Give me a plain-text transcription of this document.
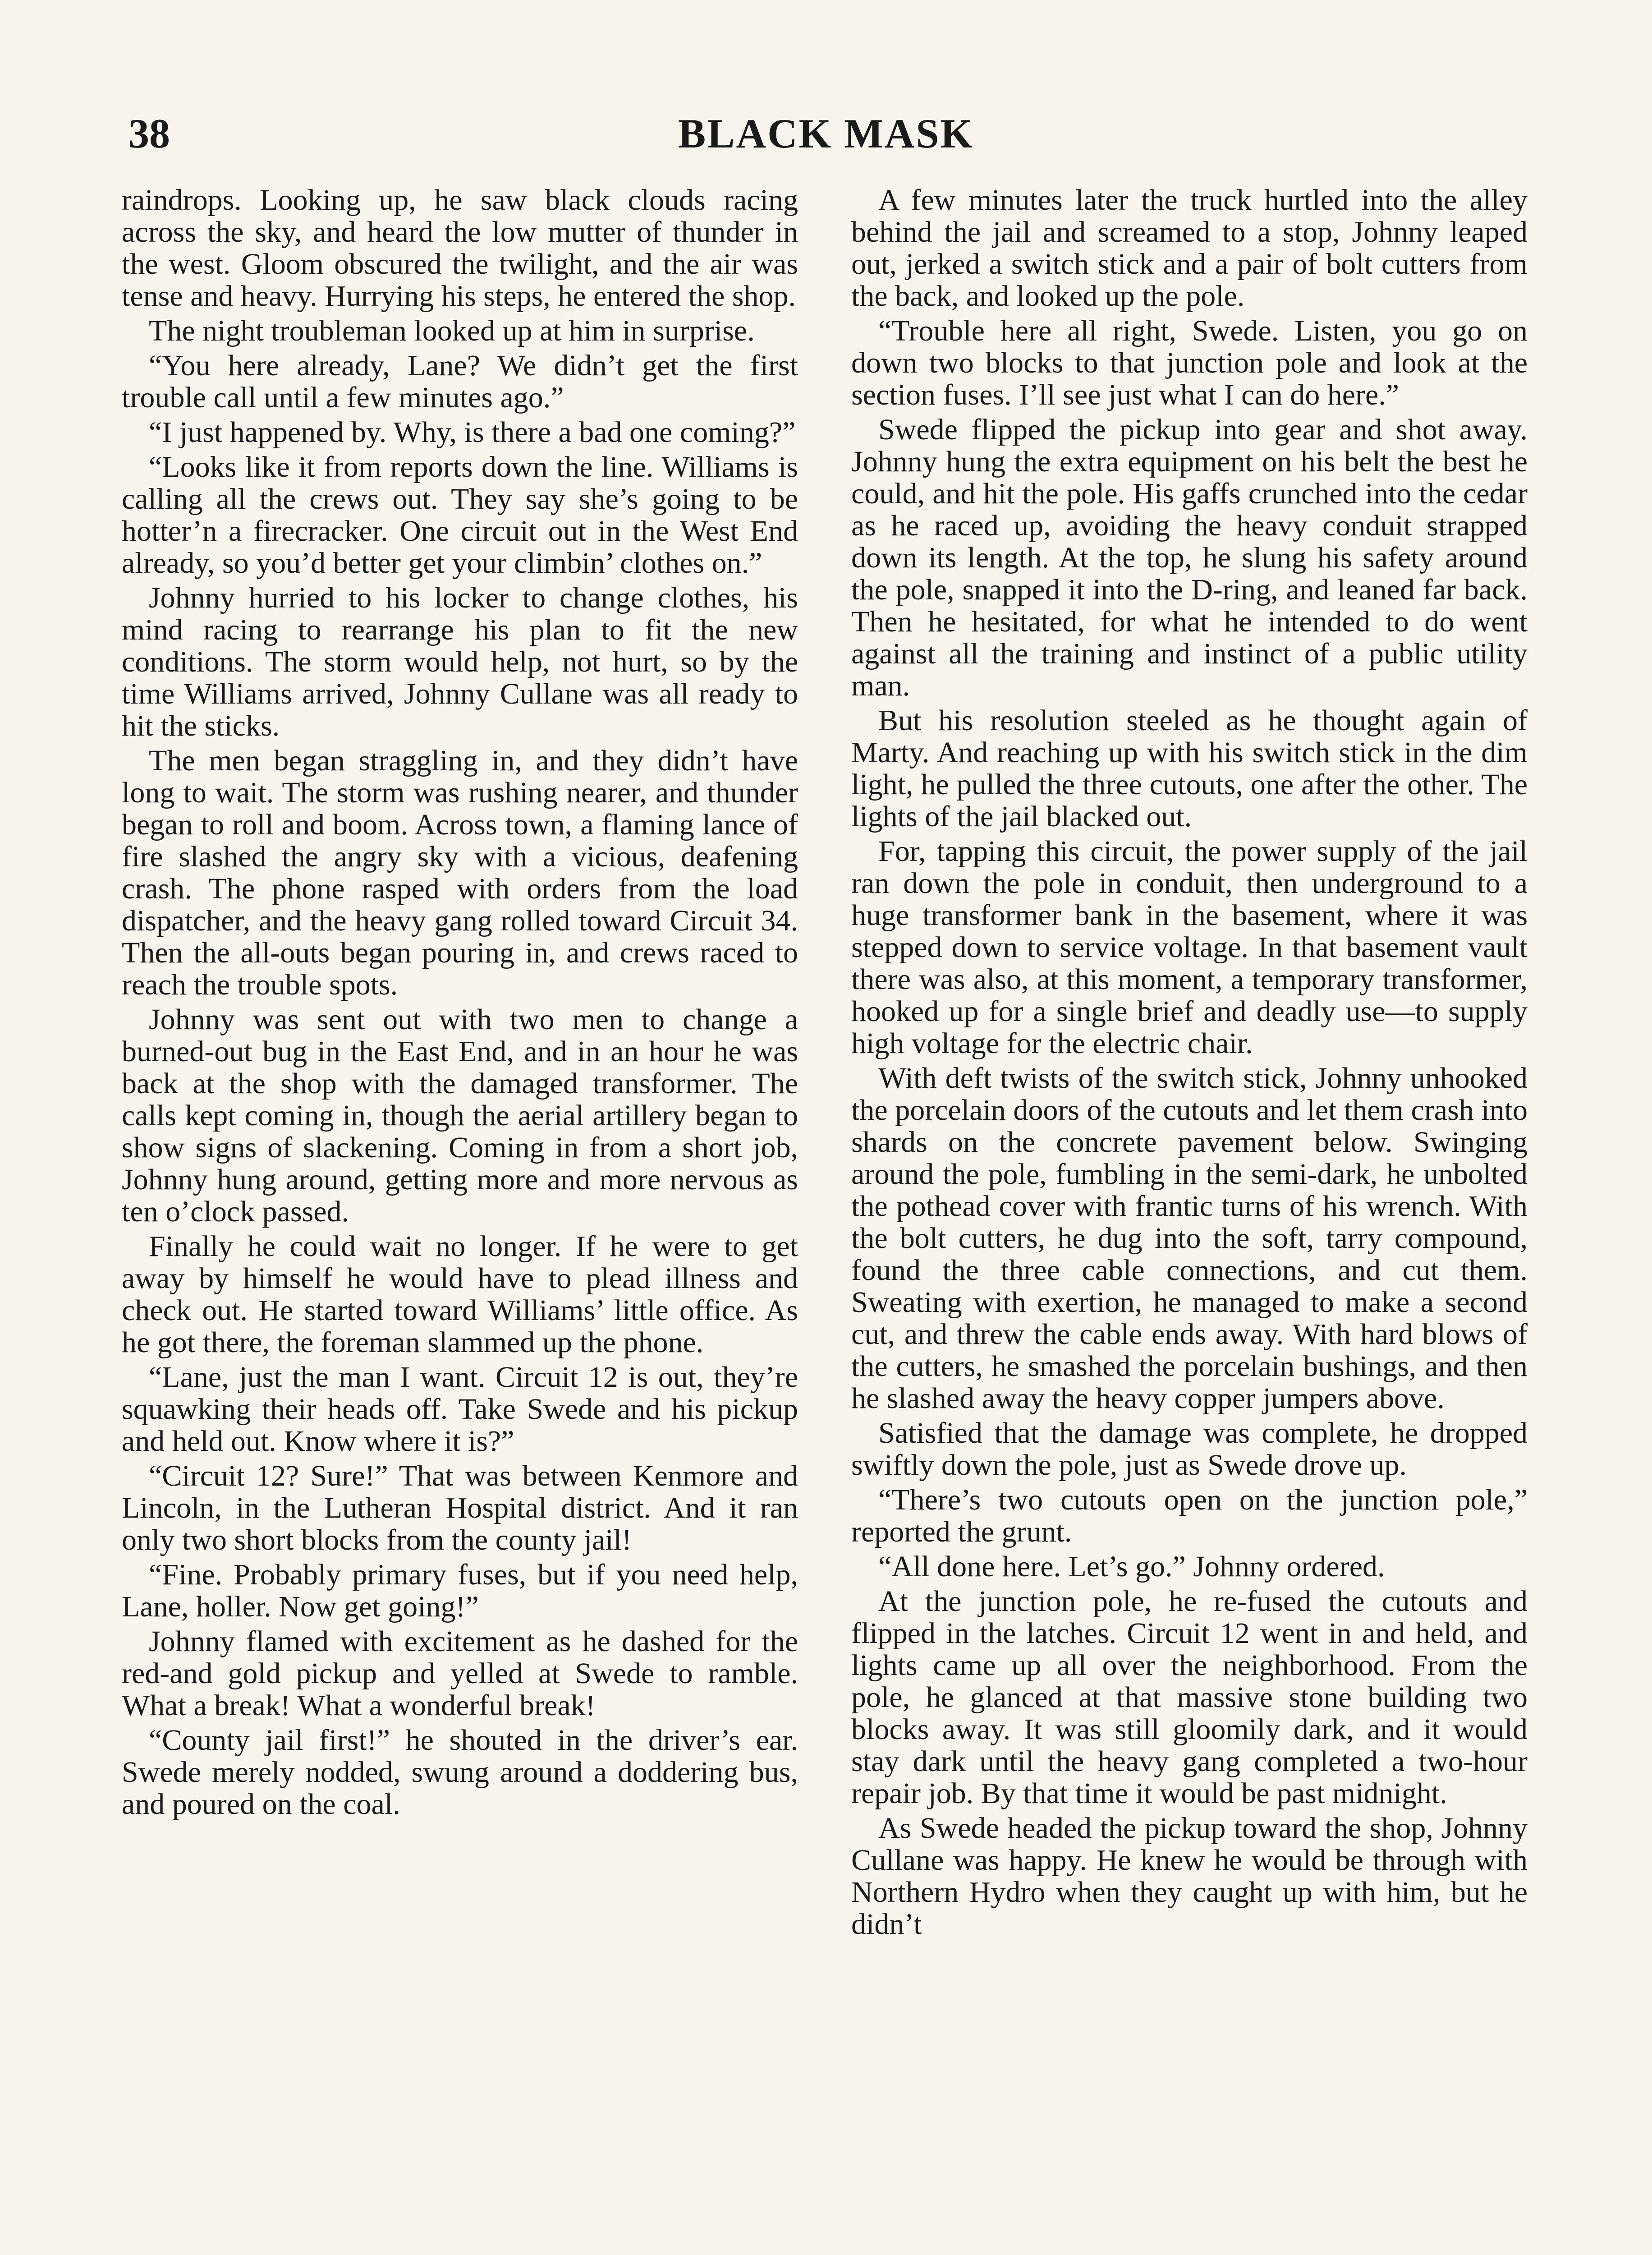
38	BLACK MASK

raindrops. Looking up, he saw black clouds racing across the sky, and heard the low mutter of thunder in the west. Gloom obscured the twilight, and the air was tense and heavy. Hurrying his steps, he entered the shop.

The night troubleman looked up at him in surprise.

“You here already, Lane? We didn’t get the first trouble call until a few minutes ago.”

“I just happened by. Why, is there a bad one coming?”

“Looks like it from reports down the line. Williams is calling all the crews out. They say she’s going to be hotter’n a firecracker. One circuit out in the West End already, so you’d better get your climbin’ clothes on.”

Johnny hurried to his locker to change clothes, his mind racing to rearrange his plan to fit the new conditions. The storm would help, not hurt, so by the time Williams arrived, Johnny Cullane was all ready to hit the sticks.

The men began straggling in, and they didn’t have long to wait. The storm was rushing nearer, and thunder began to roll and boom. Across town, a flaming lance of fire slashed the angry sky with a vicious, deafening crash. The phone rasped with orders from the load dispatcher, and the heavy gang rolled toward Circuit 34. Then the all-outs began pouring in, and crews raced to reach the trouble spots.

Johnny was sent out with two men to change a burned-out bug in the East End, and in an hour he was back at the shop with the damaged transformer. The calls kept coming in, though the aerial artillery began to show signs of slackening. Coming in from a short job, Johnny hung around, getting more and more nervous as ten o’clock passed.

Finally he could wait no longer. If he were to get away by himself he would have to plead illness and check out. He started toward Williams’ little office. As he got there, the foreman slammed up the phone.

“Lane, just the man I want. Circuit 12 is out, they’re squawking their heads off. Take Swede and his pickup and held out. Know where it is?”

“Circuit 12? Sure!” That was between Kenmore and Lincoln, in the Lutheran Hospital district. And it ran only two short blocks from the county jail!

“Fine. Probably primary fuses, but if you need help, Lane, holler. Now get going!”

Johnny flamed with excitement as he dashed for the red-and gold pickup and yelled at Swede to ramble. What a break! What a wonderful break!

“County jail first!” he shouted in the driver’s ear. Swede merely nodded, swung around a doddering bus, and poured on the coal.

A few minutes later the truck hurtled into the alley behind the jail and screamed to a stop, Johnny leaped out, jerked a switch stick and a pair of bolt cutters from the back, and looked up the pole.

“Trouble here all right, Swede. Listen, you go on down two blocks to that junction pole and look at the section fuses. I’ll see just what I can do here.”

Swede flipped the pickup into gear and shot away. Johnny hung the extra equipment on his belt the best he could, and hit the pole. His gaffs crunched into the cedar as he raced up, avoiding the heavy conduit strapped down its length. At the top, he slung his safety around the pole, snapped it into the D-ring, and leaned far back. Then he hesitated, for what he intended to do went against all the training and instinct of a public utility man.

But his resolution steeled as he thought again of Marty. And reaching up with his switch stick in the dim light, he pulled the three cutouts, one after the other. The lights of the jail blacked out.

For, tapping this circuit, the power supply of the jail ran down the pole in conduit, then underground to a huge transformer bank in the basement, where it was stepped down to service voltage. In that basement vault there was also, at this moment, a temporary transformer, hooked up for a single brief and deadly use—to supply high voltage for the electric chair.

With deft twists of the switch stick, Johnny unhooked the porcelain doors of the cutouts and let them crash into shards on the concrete pavement below. Swinging around the pole, fumbling in the semi-dark, he unbolted the pothead cover with frantic turns of his wrench. With the bolt cutters, he dug into the soft, tarry compound, found the three cable connections, and cut them. Sweating with exertion, he managed to make a second cut, and threw the cable ends away. With hard blows of the cutters, he smashed the porcelain bushings, and then he slashed away the heavy copper jumpers above.

Satisfied that the damage was complete, he dropped swiftly down the pole, just as Swede drove up.

“There’s two cutouts open on the junction pole,” reported the grunt.

“All done here. Let’s go.” Johnny ordered.

At the junction pole, he re-fused the cutouts and flipped in the latches. Circuit 12 went in and held, and lights came up all over the neighborhood. From the pole, he glanced at that massive stone building two blocks away. It was still gloomily dark, and it would stay dark until the heavy gang completed a two-hour repair job. By that time it would be past midnight.

As Swede headed the pickup toward the shop, Johnny Cullane was happy. He knew he would be through with Northern Hydro when they caught up with him, but he didn’t
